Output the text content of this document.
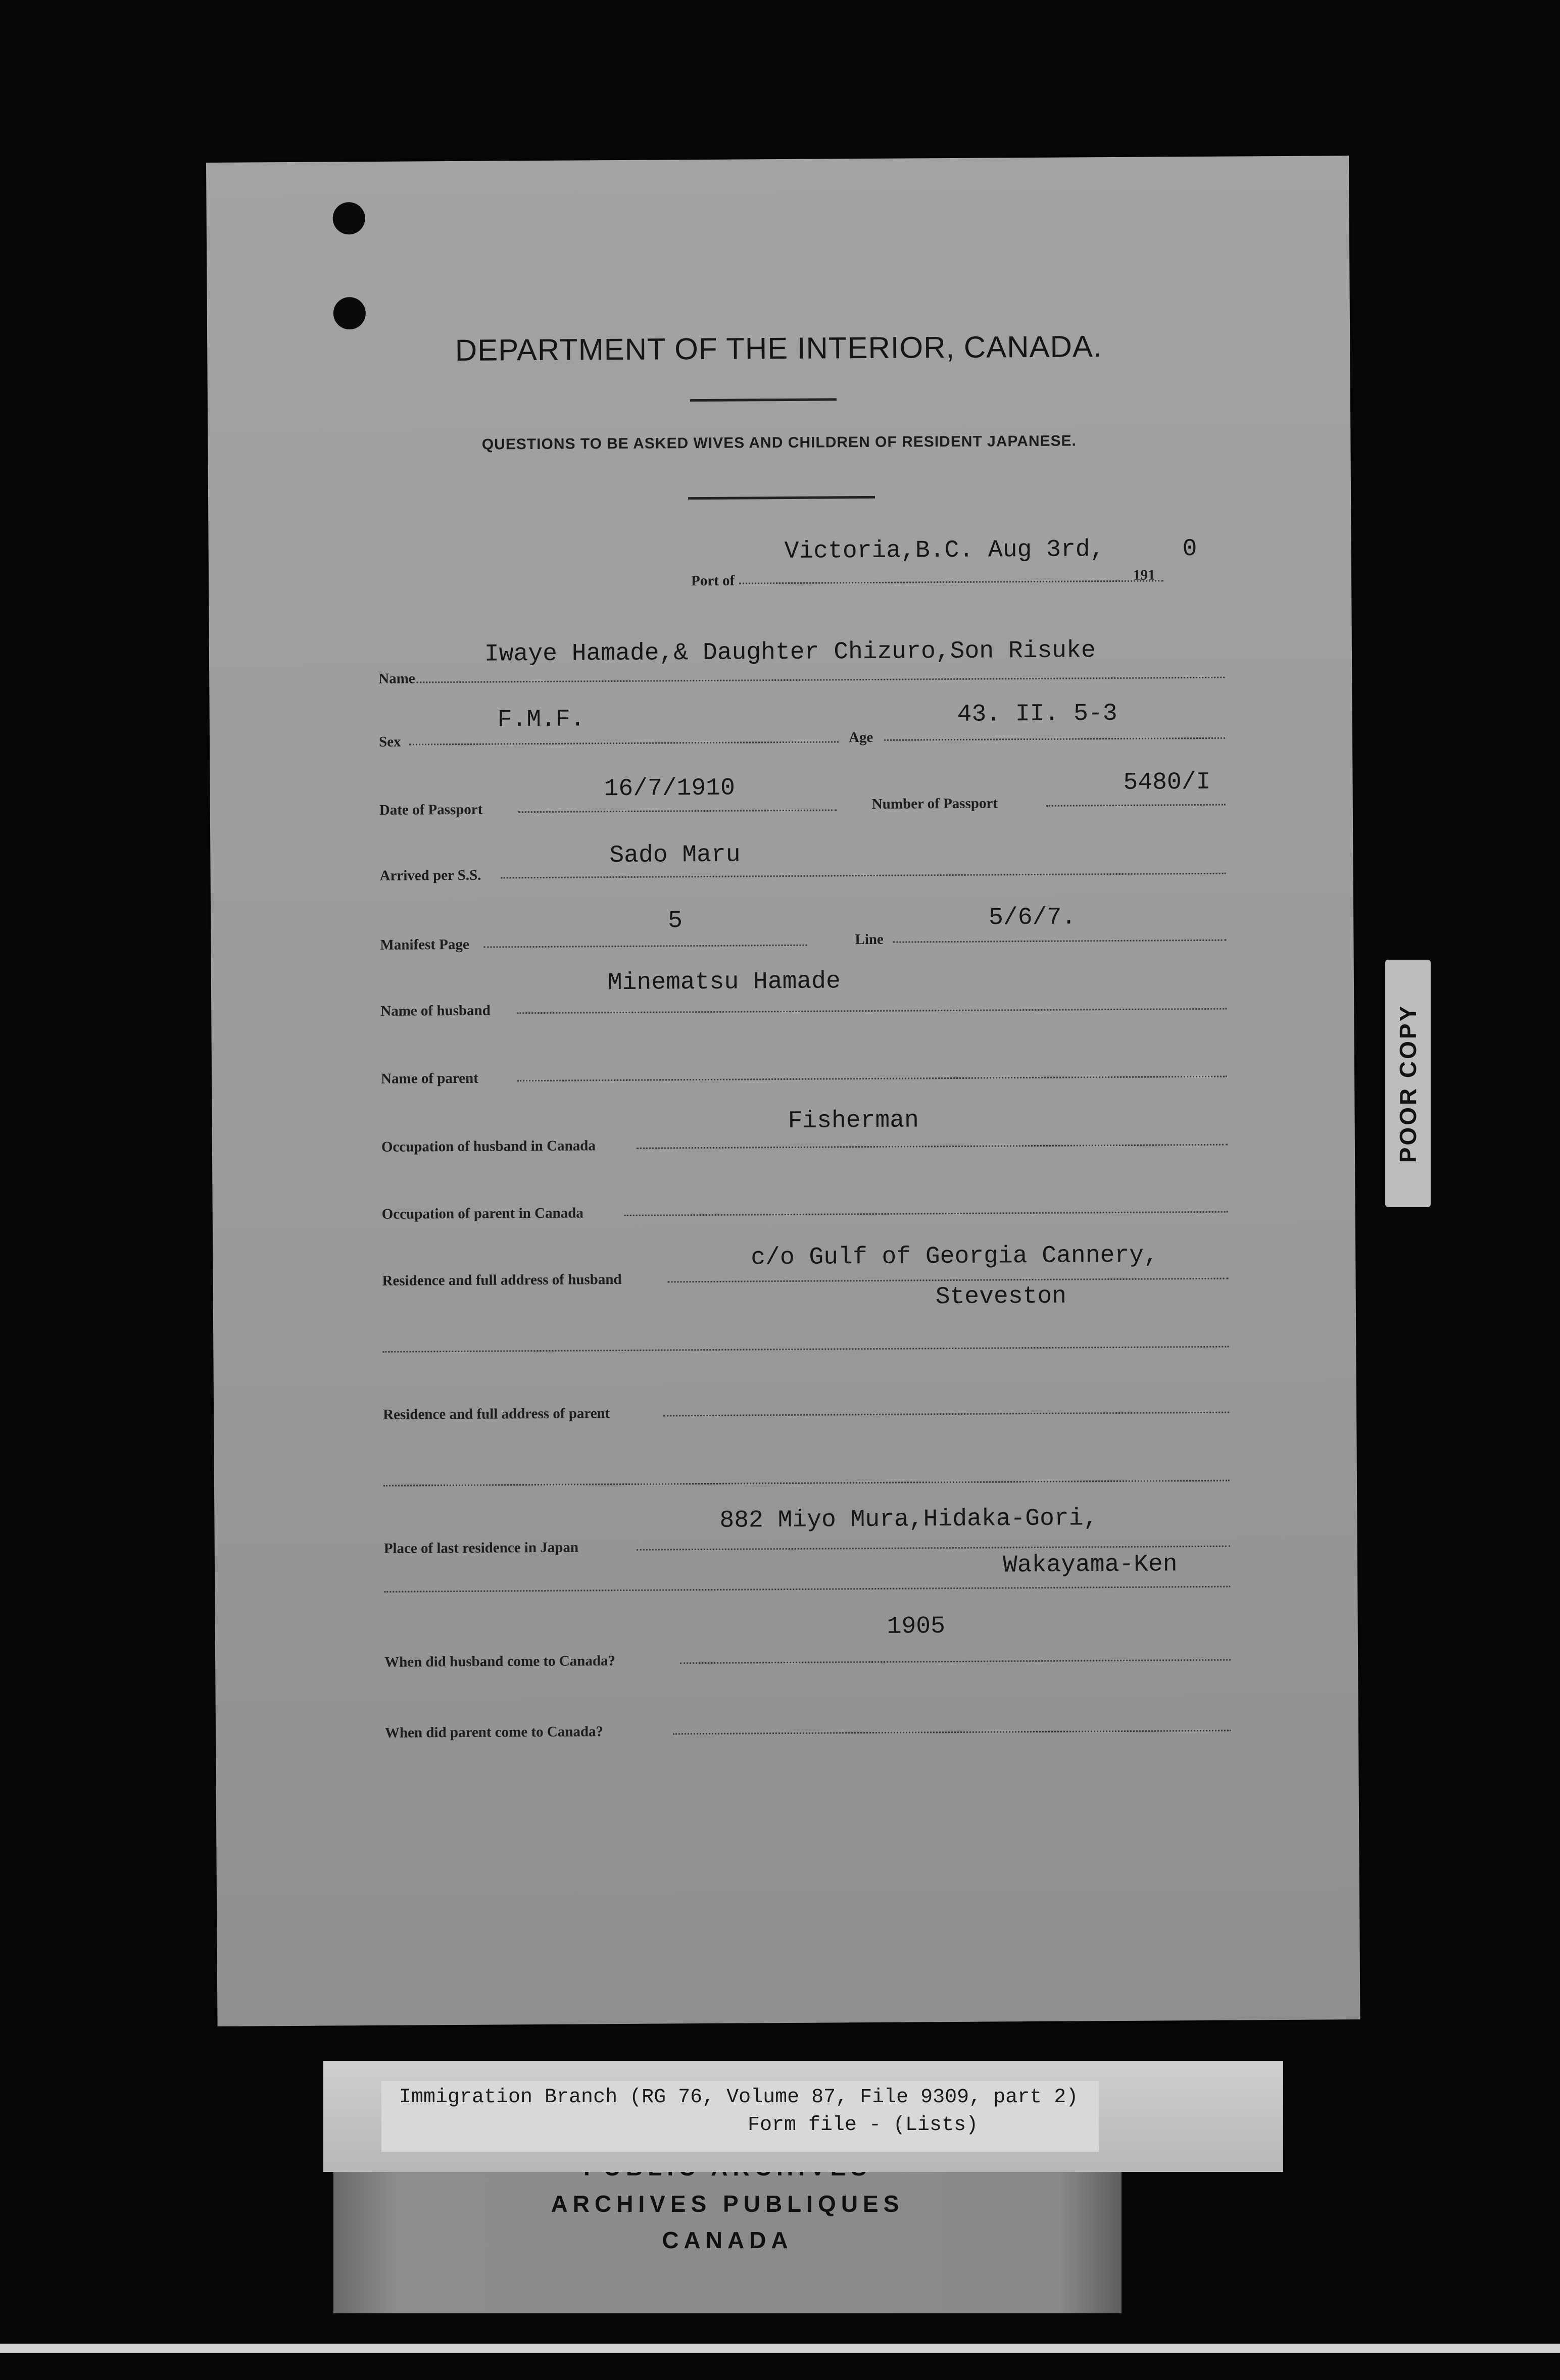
DEPARTMENT OF THE INTERIOR, CANADA.
QUESTIONS TO BE ASKED WIVES AND CHILDREN OF RESIDENT JAPANESE.
Port of
Victoria,B.C. Aug 3rd,
191
0
Name
Iwaye Hamade,& Daughter Chizuro,Son Risuke
Sex
F.M.F.
Age
43. II. 5-3
Date of Passport
16/7/1910
Number of Passport
5480/I
Arrived per S.S.
Sado Maru
Manifest Page
5
Line
5/6/7.
Name of husband
Minematsu Hamade
Name of parent
Occupation of husband in Canada
Fisherman
Occupation of parent in Canada
Residence and full address of husband
c/o Gulf of Georgia Cannery,
Steveston
Residence and full address of parent
Place of last residence in Japan
882 Miyo Mura,Hidaka-Gori,
Wakayama-Ken
1905
When did husband come to Canada?
When did parent come to Canada?
POOR COPY
ARCHIVES PUBLIQUES
CANADA
Immigration Branch (RG 76, Volume 87, File 9309, part 2)
Form file - (Lists)
